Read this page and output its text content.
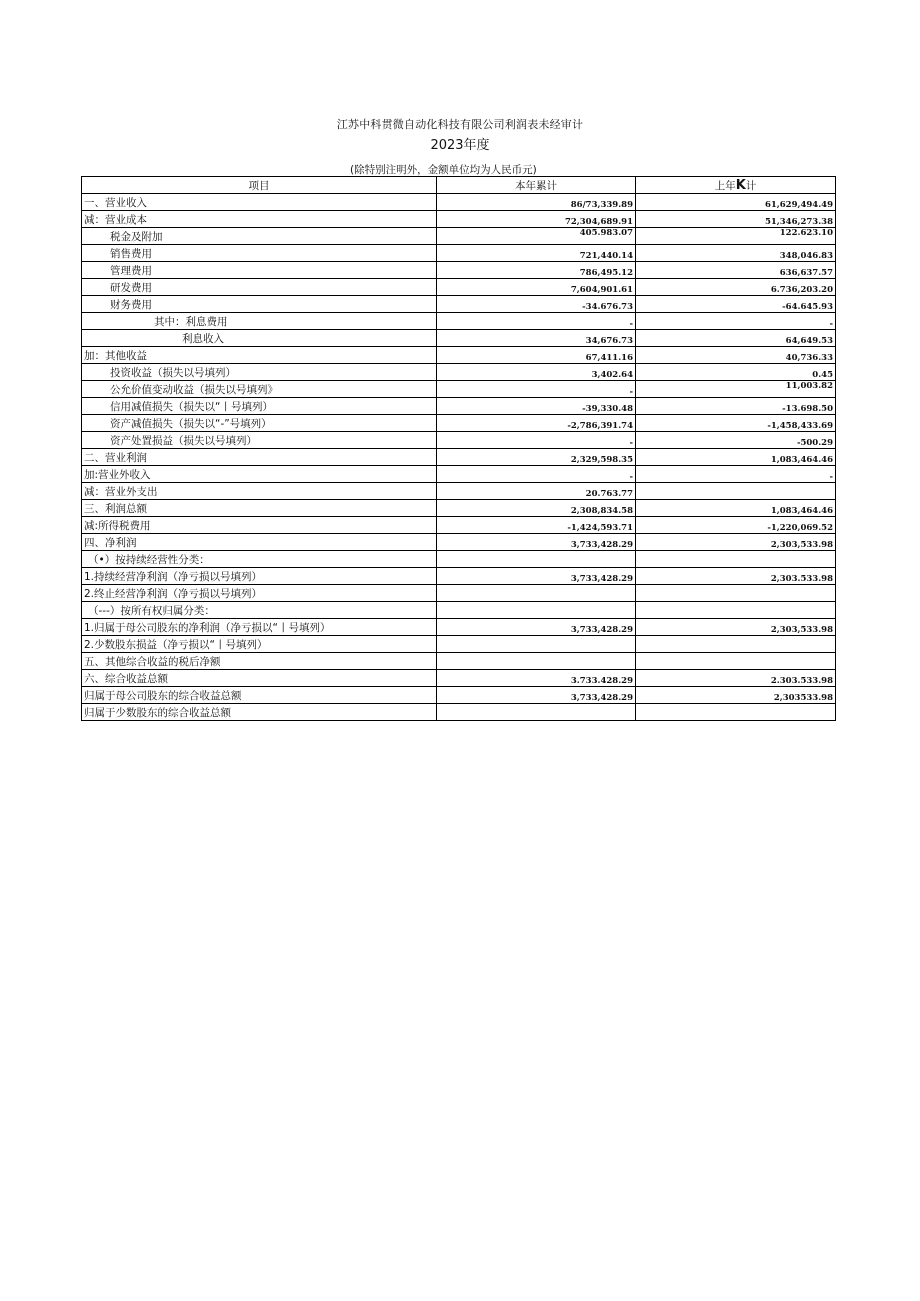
江苏中科贯微自动化科技有限公司利润表未经审计
2023年度
(除特别注明外，金额单位均为人民币元)
项目	本年累计	上年K计
一、营业收入	86/73,339.89	61,629,494.49
减：营业成本	72,304,689.91	51,346,273.38
税金及附加	405.983.07	122.623.10
销售费用	721,440.14	348,046.83
管理费用	786,495.12	636,637.57
研发费用	7,604,901.61	6.736,203.20
财务费用	-34.676.73	-64.645.93
其中：利息费用	-	-
利息收入	34,676.73	64,649.53
加：其他收益	67,411.16	40,736.33
投资收益（损失以号填列）	3,402.64	0.45
公允价值变动收益（损失以号填列》	-	11,003.82
信用减值损失（损失以“丨号填列）	-39,330.48	-13.698.50
资产减值损失（损失以“-”号填列）	-2,786,391.74	-1,458,433.69
资产处置损益（损失以号填列）	-	-500.29
二、营业利润	2,329,598.35	1,083,464.46
加:营业外收入	-	-
减：营业外支出	20.763.77	
三、利润总额	2,308,834.58	1,083,464.46
减:所得税费用	-1,424,593.71	-1,220,069.52
四、净利润	3,733,428.29	2,303,533.98
（•）按持续经营性分类：		
1.持续经营净利润（净亏损以号填列）	3,733,428.29	2,303.533.98
2.终止经营净利润（净亏损以号填列）		
（---）按所有权归属分类：		
1.归属于母公司股东的净利润（净亏损以“丨号填列）	3,733,428.29	2,303,533.98
2.少数股东损益（净亏损以“丨号填列）		
五、其他综合收益的税后净额		
六、综合收益总额	3.733.428.29	2.303.533.98
归属于母公司股东的综合收益总额	3,733,428.29	2,303533.98
归属于少数股东的综合收益总额		
